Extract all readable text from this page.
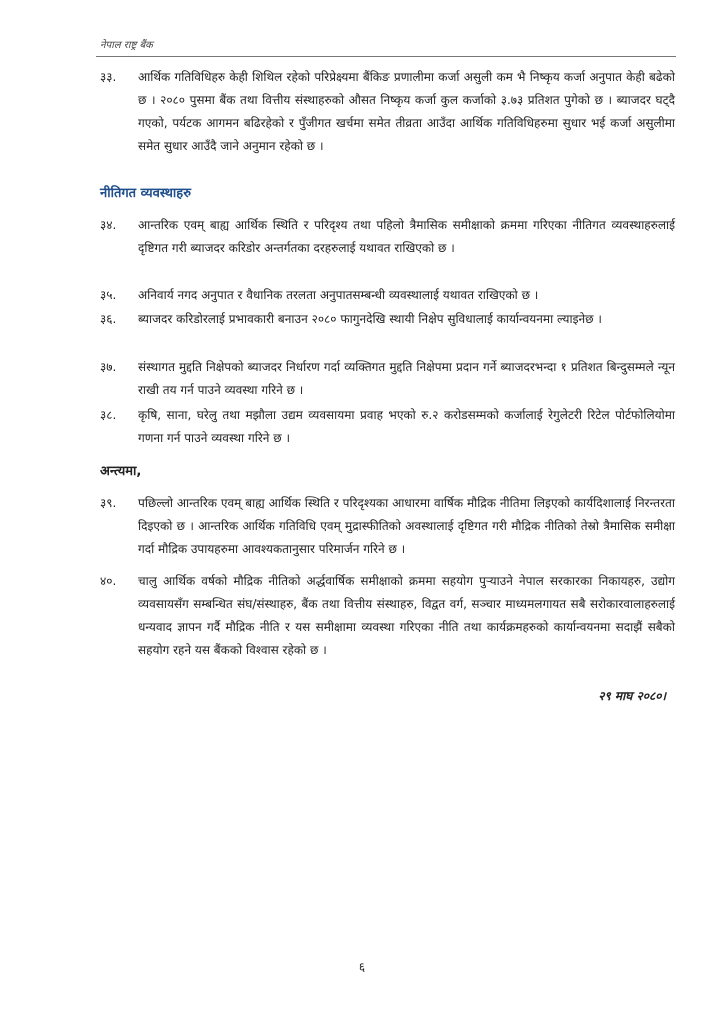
नेपाल राष्ट्र बैंक
३३.	आर्थिक गतिविधिहरु केही शिथिल रहेको परिप्रेक्ष्यमा बैंकिङ प्रणालीमा कर्जा असुली कम भै निष्कृय कर्जा अनुपात केही बढेको छ । २०८० पुसमा बैंक तथा वित्तीय संस्थाहरुको औसत निष्कृय कर्जा कुल कर्जाको ३.७३ प्रतिशत पुगेको छ । ब्याजदर घट्दै गएको, पर्यटक आगमन बढिरहेको र पुँजीगत खर्चमा समेत तीव्रता आउँदा आर्थिक गतिविधिहरुमा सुधार भई कर्जा असुलीमा समेत सुधार आउँदै जाने अनुमान रहेको छ ।
नीतिगत व्यवस्थाहरु
३४.	आन्तरिक एवम् बाह्य आर्थिक स्थिति र परिदृश्य तथा पहिलो त्रैमासिक समीक्षाको क्रममा गरिएका नीतिगत व्यवस्थाहरुलाई दृष्टिगत गरी ब्याजदर करिडोर अन्तर्गतका दरहरुलाई यथावत राखिएको छ ।
३५.	अनिवार्य नगद अनुपात र वैधानिक तरलता अनुपातसम्बन्धी व्यवस्थालाई यथावत राखिएको छ ।
३६.	ब्याजदर करिडोरलाई प्रभावकारी बनाउन २०८० फागुनदेखि स्थायी निक्षेप सुविधालाई कार्यान्वयनमा ल्याइनेछ ।
३७.	संस्थागत मुद्दति निक्षेपको ब्याजदर निर्धारण गर्दा व्यक्तिगत मुद्दति निक्षेपमा प्रदान गर्ने ब्याजदरभन्दा १ प्रतिशत बिन्दुसम्मले न्यून राखी तय गर्न पाउने व्यवस्था गरिने छ ।
३८.	कृषि, साना, घरेलु तथा मझौला उद्यम व्यवसायमा प्रवाह भएको रु.२ करोडसम्मको कर्जालाई रेगुलेटरी रिटेल पोर्टफोलियोमा गणना गर्न पाउने व्यवस्था गरिने छ ।
अन्त्यमा,
३९.	पछिल्लो आन्तरिक एवम् बाह्य आर्थिक स्थिति र परिदृश्यका आधारमा वार्षिक मौद्रिक नीतिमा लिइएको कार्यदिशालाई निरन्तरता दिइएको छ । आन्तरिक आर्थिक गतिविधि एवम् मुद्रास्फीतिको अवस्थालाई दृष्टिगत गरी मौद्रिक नीतिको तेस्रो त्रैमासिक समीक्षा गर्दा मौद्रिक उपायहरुमा आवश्यकतानुसार परिमार्जन गरिने छ ।
४०.	चालु आर्थिक वर्षको मौद्रिक नीतिको अर्द्धवार्षिक समीक्षाको क्रममा सहयोग पुर्‍याउने नेपाल सरकारका निकायहरु, उद्योग व्यवसायसँग सम्बन्धित संघ/संस्थाहरु, बैंक तथा वित्तीय संस्थाहरु, विद्वत वर्ग, सञ्चार माध्यमलगायत सबै सरोकारवालाहरुलाई धन्यवाद ज्ञापन गर्दै मौद्रिक नीति र यस समीक्षामा व्यवस्था गरिएका नीति तथा कार्यक्रमहरुको कार्यान्वयनमा सदाझैं सबैको सहयोग रहने यस बैंकको विश्वास रहेको छ ।
२९ माघ २०८०।
६
